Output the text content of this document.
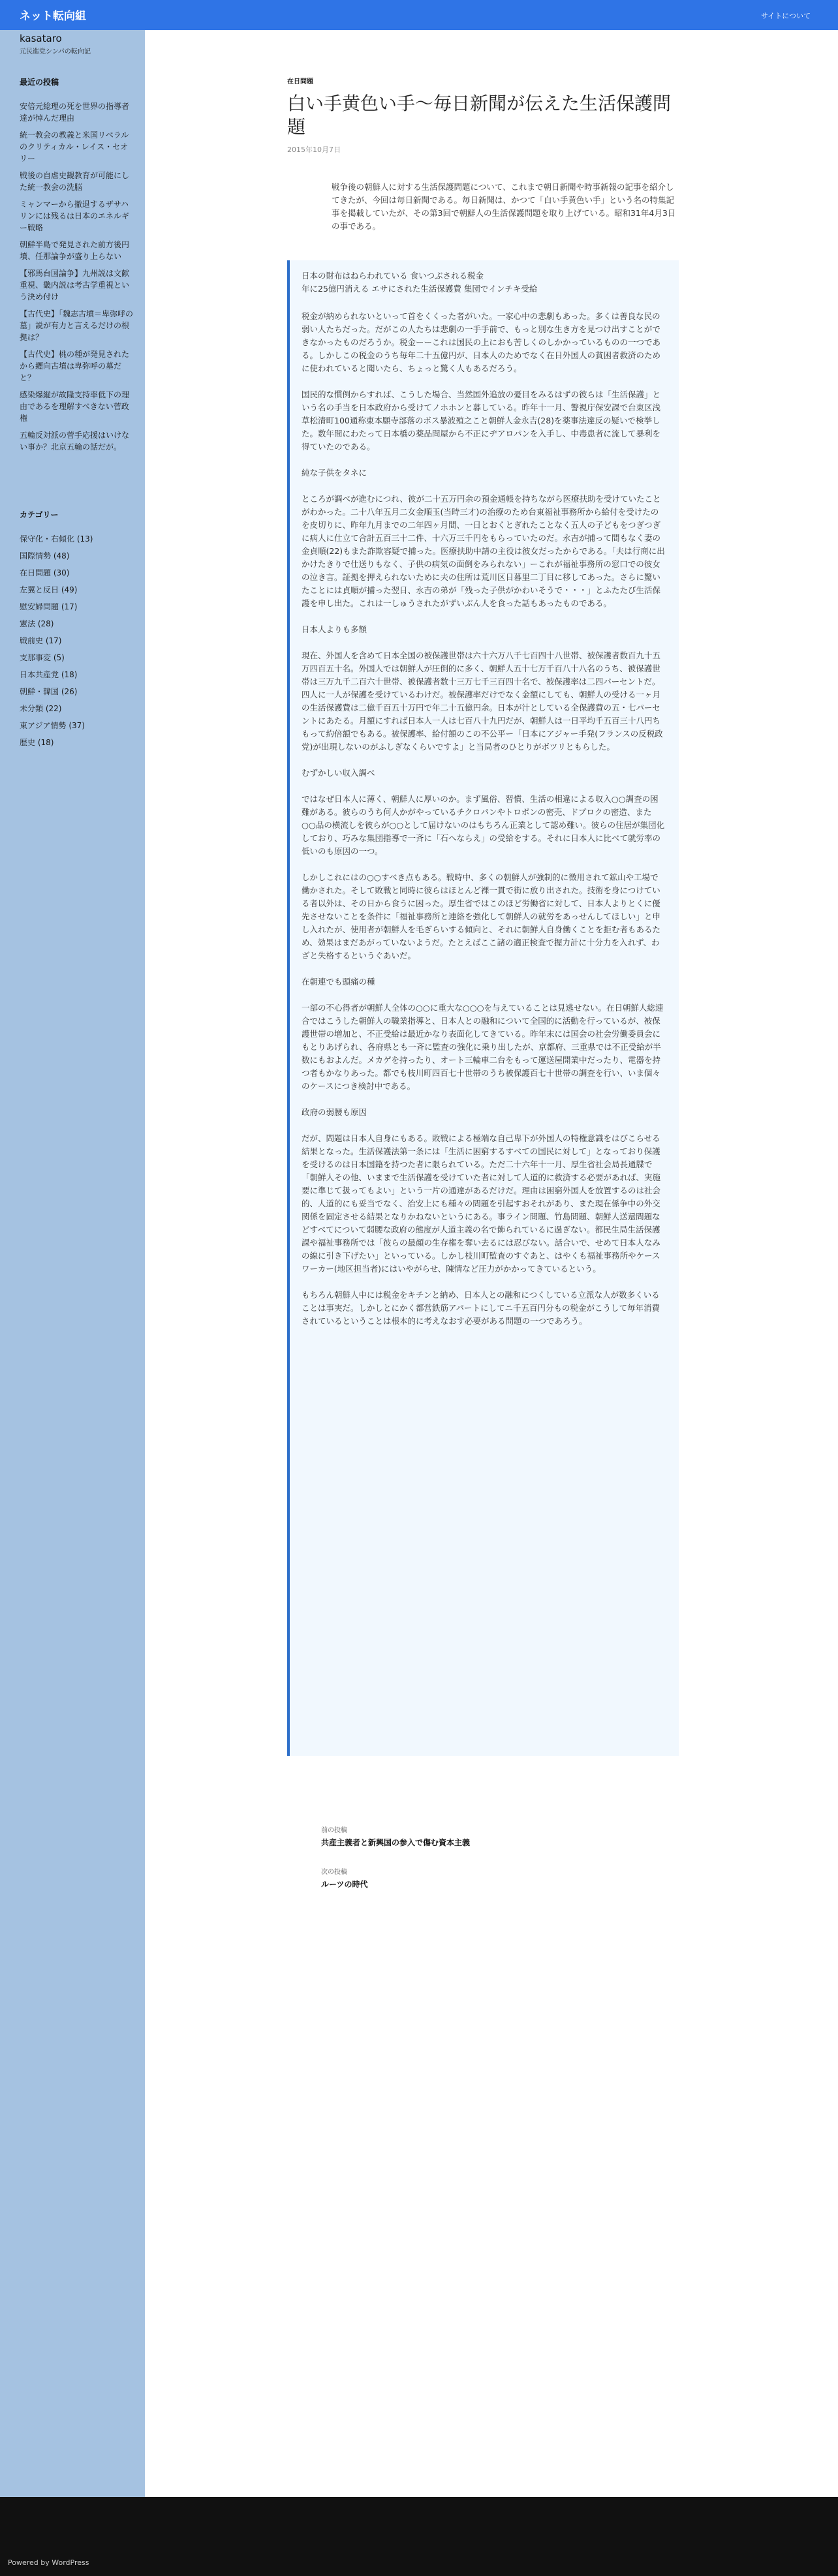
ネット転向組	サイトについて
kasataro
元民進党シンパの転向記
最近の投稿
安倍元総理の死を世界の指導者達が悼んだ理由
統一教会の教義と米国リベラルのクリティカル・レイス・セオリー
戦後の自虐史観教育が可能にした統一教会の洗脳
ミャンマーから撤退するザサハリンには残るは日本のエネルギー戦略
朝鮮半島で発見された前方後円墳、任那論争が盛り上らない
【邪馬台国論争】九州説は文献重視、畿内説は考古学重視という決め付け
【古代史】「魏志古墳＝卑弥呼の墓」説が有力と言えるだけの根拠は？
【古代史】桃の種が発見されたから纒向古墳は卑弥呼の墓だと？
感染爆縦が故隆支持率低下の理由であるを理解すべきない菅政権
五輪反対派の菅手応援はいけない事か？北京五輪の話だが。
カテゴリー
保守化・右傾化 (13)
国際情勢 (48)
在日問題 (30)
左翼と反日 (49)
慰安婦問題 (17)
憲法 (28)
戦前史 (17)
支那事変 (5)
日本共産党 (18)
朝鮮・韓国 (26)
未分類 (22)
東アジア情勢 (37)
歴史 (18)
在日問題
白い手黄色い手〜毎日新聞が伝えた生活保護問題
2015年10月7日
戦争後の朝鮮人に対する生活保護問題について、これまで朝日新聞や時事新報の記事を紹介してきたが、今回は毎日新聞である。毎日新聞は、かつて「白い手黄色い手」という名の特集記事を掲載していたが、その第3回で朝鮮人の生活保護問題を取り上げている。昭和31年4月3日の事である。
日本の財布はねらわれている 食いつぶされる税金
年に25億円消える エサにされた生活保護費 集団でインチキ受給

税金が納められないといって首をくくった者がいた。一家心中の悲劇もあった。多くは善良な民の弱い人たちだった。だがこの人たちは悲劇の一手手前で、もっと別な生き方を見つけ出すことができなかったものだろうか。税金ーーこれは国民の上におも苦しくのしかかっているものの一つである。しかしこの税金のうち毎年二十五億円が、日本人のためでなく在日外国人の貧困者救済のために使われていると聞いたら、ちょっと驚く人もあるだろう。

国民的な慣例からすれば、こうした場合、当然国外追放の憂目をみるはずの彼らは「生活保護」という名の手当を日本政府から受けてノホホンと暮している。昨年十一月、警視庁保安課で台東区浅草松清町100通称東本願寺部落のボス暴波殖之こと朝鮮人金永吉(28)を薬事法違反の疑いで検挙した。数年間にわたって日本橋の薬品問屋から不正にヂアロパンを入手し、中毒患者に流して暴利を得ていたのである。

純な子供をタネに

ところが調べが進むにつれ、彼が二十五万円余の預金通帳を持ちながら医療扶助を受けていたことがわかった。二十八年五月二女金順玉(当時三才)の治療のため台東福祉事務所から給付を受けたのを皮切りに、昨年九月までの二年四ヶ月間、一日とおくとぎれたことなく五人の子どもをつぎつぎに病人に仕立て合計五百三十二件、十六万三千円をもらっていたのだ。永吉が捕って間もなく妻の金貞順(22)もまた詐欺容疑で捕った。医療扶助中請の主役は彼女だったからである。「夫は行商に出かけたきりで仕送りもなく、子供の病気の面倒をみられない」ーこれが福祉事務所の窓口での彼女の泣き言。証拠を押えられないために夫の住所は荒川区日暮里二丁目に移してあった。さらに驚いたことには貞順が捕った翌日、永吉の弟が「残った子供がかわいそうで・・・」とふたたび生活保護を申し出た。これは一しゅうされたがずいぶん人を食った話もあったものである。

日本人よりも多額

現在、外国人を含めて日本全国の被保護世帯は六十六万八千七百四十八世帯、被保護者数百九十五万四百五十名。外国人では朝鮮人が圧倒的に多く、朝鮮人五十七万千百八十八名のうち、被保護世帯は三万九千二百六十世帯、被保護者数十三万七千三百四十名で、被保護率は二四パーセントだ。四人に一人が保護を受けているわけだ。被保護率だけでなく金額にしても、朝鮮人の受ける一ヶ月の生活保護費は二億千百五十万円で年二十五億円余。日本が汁としている全保護費の五・七パーセントにあたる。月額にすれば日本人一人は七百八十九円だが、朝鮮人は一日平均千五百三十八円ちもって約倍額でもある。被保護率、給付額のこの不公平ー「日本にアジャー手発(フランスの反税政党)が出現しないのがふしぎなくらいですよ」と当局者のひとりがボツリともらした。

むずかしい収入調べ

ではなぜ日本人に薄く、朝鮮人に厚いのか。まず風俗、習慣、生活の相違による収入○○調査の困難がある。彼らのうち何人かがやっているチクロパンやトロポンの密売、ドブロクの密造、また○○品の横流しを彼らが○○として届けないのはもちろん正業として認め難い。彼らの住居が集団化しており、巧みな集団指導で一斉に「石へならえ」の受給をする。それに日本人に比べて就労率の低いのも原因の一つ。

しかしこれにはの○○すべき点もある。戦時中、多くの朝鮮人が強制的に徴用されて鉱山や工場で働かされた。そして敗戦と同時に彼らはほとんど裸一貫で街に放り出された。技術を身につけている者以外は、その日から食うに困った。厚生省ではこのほど労働省に対して、日本人よりとくに優先させないことを条件に「福祉事務所と連絡を強化して朝鮮人の就労をあっせんしてほしい」と申し入れたが、使用者が朝鮮人を毛ぎらいする傾向と、それに朝鮮人自身働くことを拒む者もあるため、効果はまだあがっていないようだ。たとえばここ諸の適正検査で握力計に十分力を入れず、わざと失格するというぐあいだ。

在朝連でも頭痛の種

一部の不心得者が朝鮮人全体の○○に重大な○○○を与えていることは見逃せない。在日朝鮮人総連合ではこうした朝鮮人の職業指導と、日本人との融和について全国的に活動を行っているが、被保護世帯の増加と、不正受給は最近かなり表面化してきている。昨年末には国会の社会労働委員会にもとりあげられ、各府県とも一斉に監査の強化に乗り出したが、京都府、三重県では不正受給が半数にもおよんだ。メカゲを持ったり、オート三輪車二台をもって運送屋開業中だったり、電器を持つ者もかなりあった。都でも枝川町四百七十世帯のうち被保護百七十世帯の調査を行い、いま個々のケースにつき検討中である。

政府の弱腰も原因

だが、問題は日本人自身にもある。敗戦による極端な自己卑下が外国人の特権意識をはびこらせる結果となった。生活保護法第一条には「生活に困窮するすべての国民に対して」となっており保護を受けるのは日本国籍を持つた者に限られている。ただ二十六年十一月、厚生省社会局長通牒で「朝鮮人その他、いままで生活保護を受けていた者に対して人道的に救済する必要があれば、実施要に準じて扱ってもよい」という一片の通達があるだけだ。理由は困窮外国人を放置するのは社会的、人道的にも妥当でなく、治安上にも種々の問題を引起すおそれがあり、また現在係争中の外交関係を固定させる結果となりかねないというにある。事ライン問題、竹島問題、朝鮮人送還問題などすべてについて弱腰な政府の態度が人道主義の名で飾られているに過ぎない。都民生局生活保護課や福祉事務所では「彼らの最顔の生存権を奪い去るには忍びない。話合いで、せめて日本人なみの線に引き下げたい」といっている。しかし枝川町監査のすぐあと、はやくも福祉事務所やケースワーカー(地区担当者)にはいやがらせ、陳情など圧力がかかってきているという。

もちろん朝鮮人中には税金をキチンと納め、日本人との融和につくしている立派な人が数多くいることは事実だ。しかしとにかく都営鉄筋アパートにしてニ千五百円分もの税金がこうして毎年消費されているということは根本的に考えなおす必要がある問題の一つであろう。

前の投稿
共産主義者と新興国の参入で傷む資本主義
次の投稿
ルーツの時代
Powered by WordPress
